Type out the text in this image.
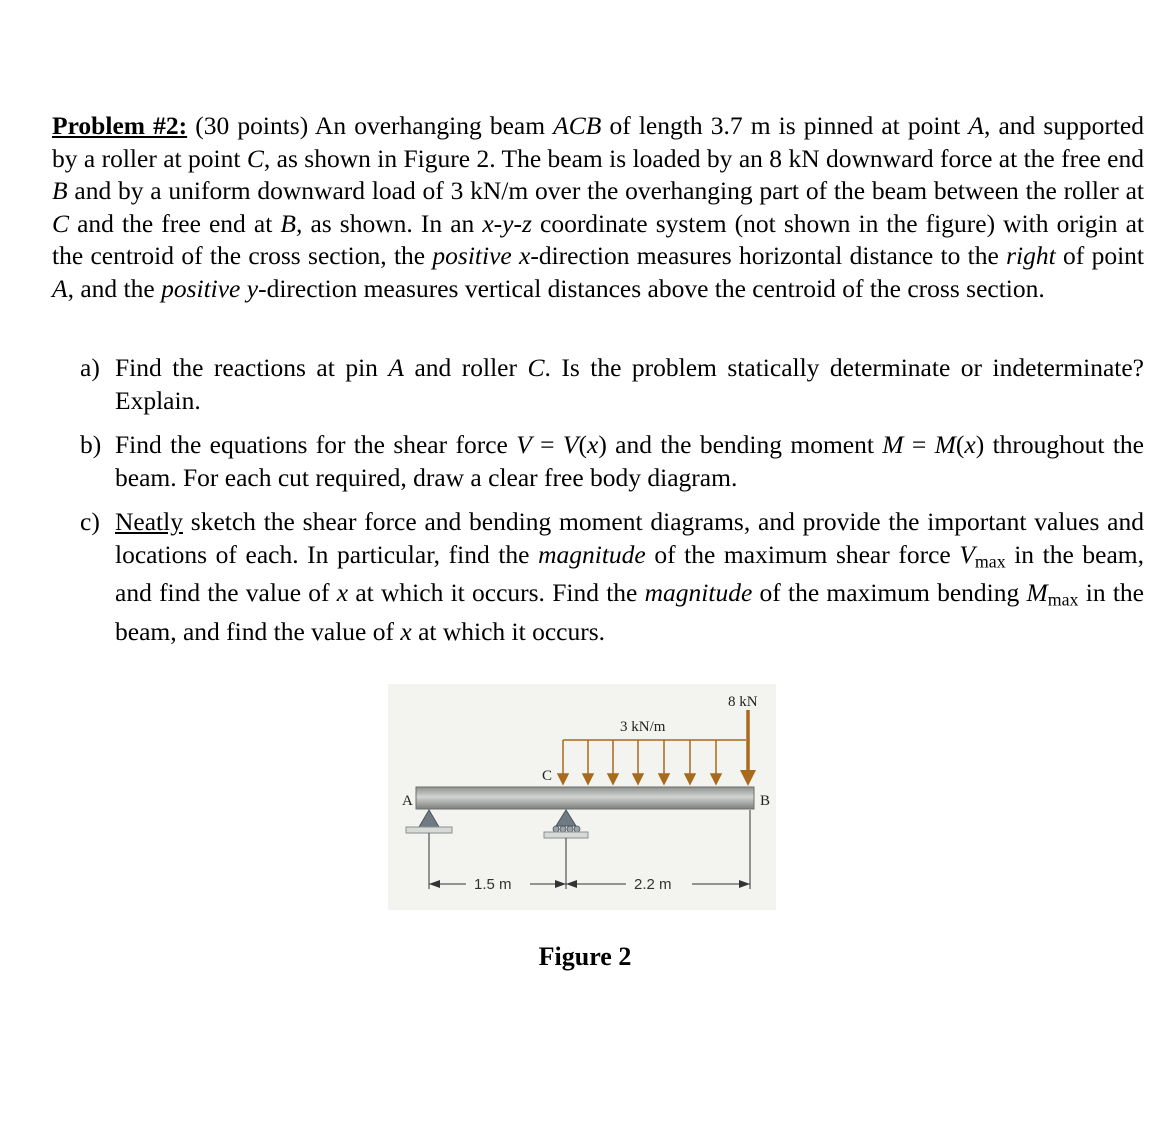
Problem #2: (30 points) An overhanging beam ACB of length 3.7 m is pinned at point A, and supported by a roller at point C, as shown in Figure 2. The beam is loaded by an 8 kN downward force at the free end B and by a uniform downward load of 3 kN/m over the overhanging part of the beam between the roller at C and the free end at B, as shown. In an x-y-z coordinate system (not shown in the figure) with origin at the centroid of the cross section, the positive x-direction measures horizontal distance to the right of point A, and the positive y-direction measures vertical distances above the centroid of the cross section.

a) Find the reactions at pin A and roller C. Is the problem statically determinate or indeterminate? Explain.
b) Find the equations for the shear force V = V(x) and the bending moment M = M(x) throughout the beam. For each cut required, draw a clear free body diagram.
c) Neatly sketch the shear force and bending moment diagrams, and provide the important values and locations of each. In particular, find the magnitude of the maximum shear force $V_{max}$ in the beam, and find the value of x at which it occurs. Find the magnitude of the maximum bending $M_{max}$ in the beam, and find the value of x at which it occurs.
A	B
C
3 kN/m
8 kN
1.5 m	2.2 m
Figure 2
